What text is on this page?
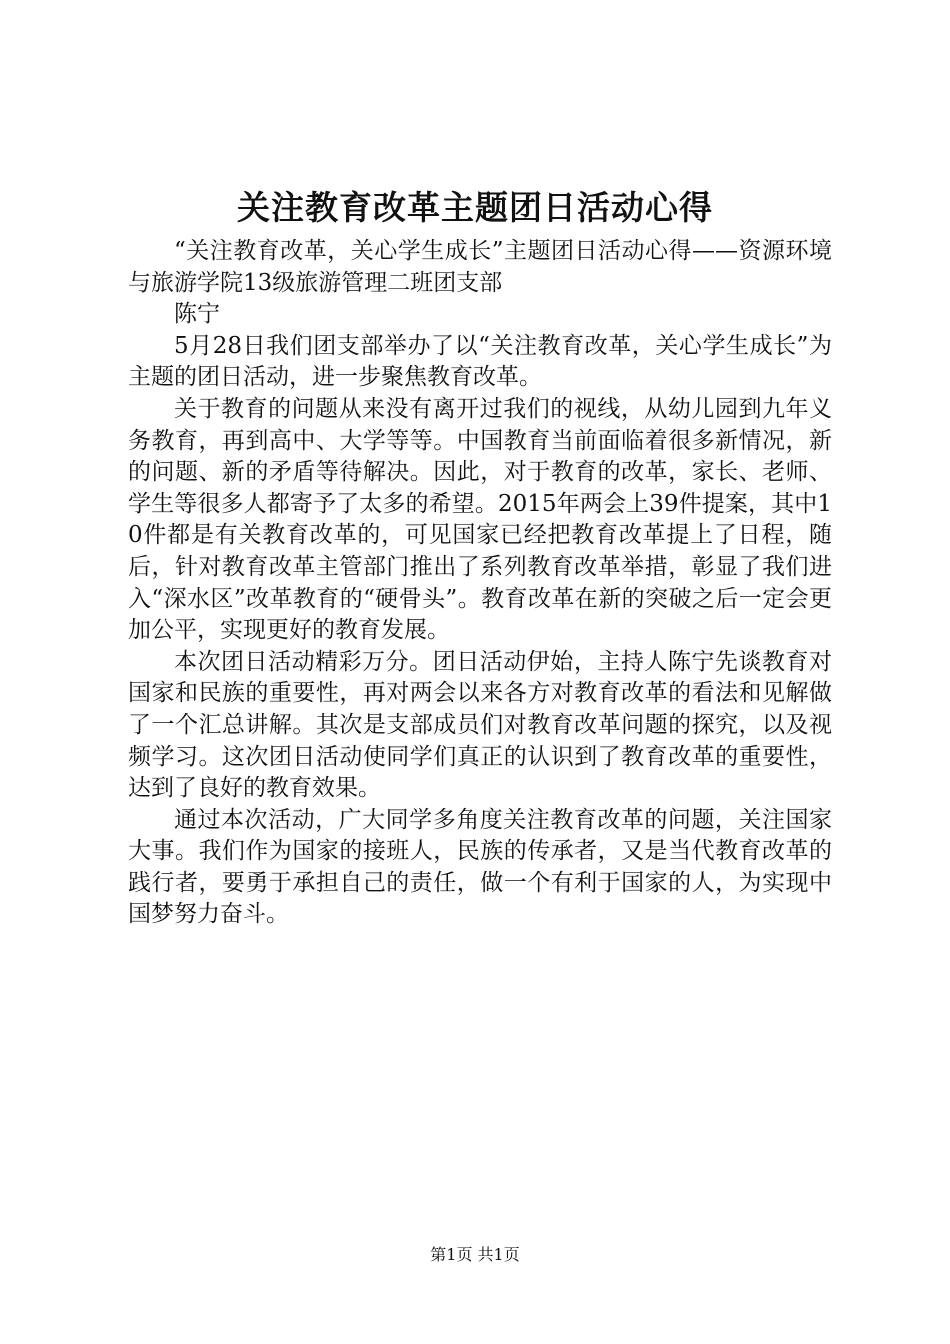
关注教育改革主题团日活动心得

“关注教育改革，关心学生成长”主题团日活动心得——资源环境与旅游学院13级旅游管理二班团支部

陈宁

5月28日我们团支部举办了以“关注教育改革，关心学生成长”为主题的团日活动，进一步聚焦教育改革。

关于教育的问题从来没有离开过我们的视线，从幼儿园到九年义务教育，再到高中、大学等等。中国教育当前面临着很多新情况，新的问题、新的矛盾等待解决。因此，对于教育的改革，家长、老师、学生等很多人都寄予了太多的希望。2015年两会上39件提案，其中10件都是有关教育改革的，可见国家已经把教育改革提上了日程，随后，针对教育改革主管部门推出了系列教育改革举措，彰显了我们进入“深水区”改革教育的“硬骨头”。教育改革在新的突破之后一定会更加公平，实现更好的教育发展。

本次团日活动精彩万分。团日活动伊始，主持人陈宁先谈教育对国家和民族的重要性，再对两会以来各方对教育改革的看法和见解做了一个汇总讲解。其次是支部成员们对教育改革问题的探究，以及视频学习。这次团日活动使同学们真正的认识到了教育改革的重要性，达到了良好的教育效果。

通过本次活动，广大同学多角度关注教育改革的问题，关注国家大事。我们作为国家的接班人，民族的传承者，又是当代教育改革的践行者，要勇于承担自己的责任，做一个有利于国家的人，为实现中国梦努力奋斗。

第1页 共1页
